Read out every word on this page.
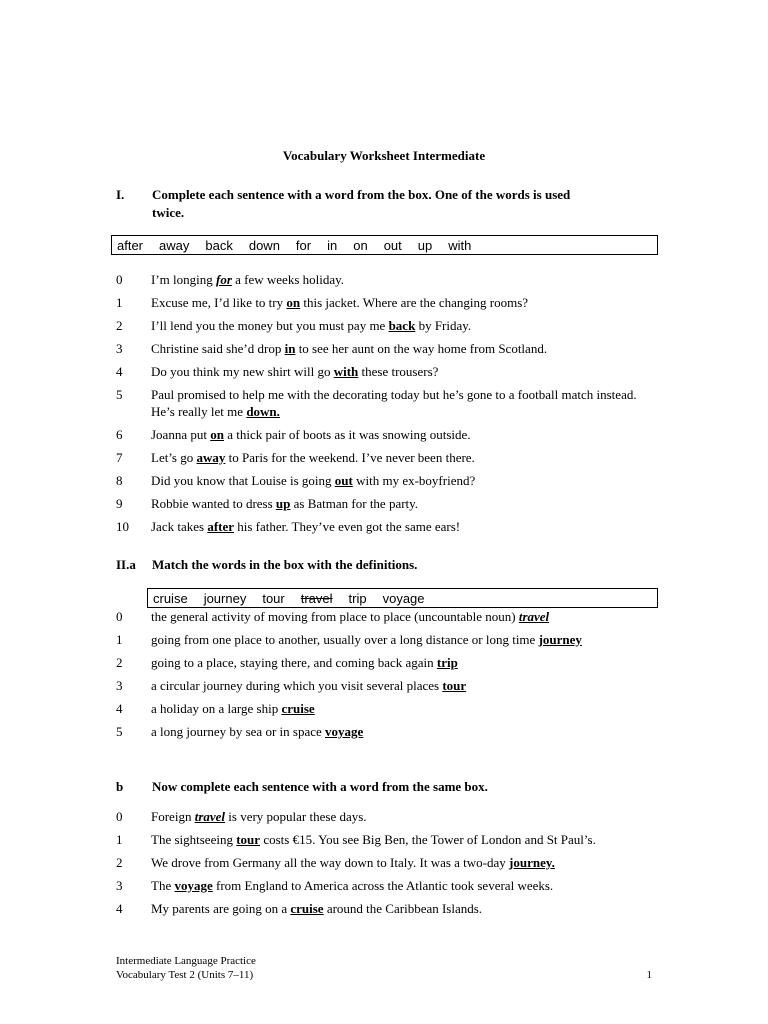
Vocabulary Worksheet Intermediate
I. Complete each sentence with a word from the box. One of the words is used
twice.
after away back down for in on out up with
0	I’m longing for a few weeks holiday.
1	Excuse me, I’d like to try on this jacket. Where are the changing rooms?
2	I’ll lend you the money but you must pay me back by Friday.
3	Christine said she’d drop in to see her aunt on the way home from Scotland.
4	Do you think my new shirt will go with these trousers?
5	Paul promised to help me with the decorating today but he’s gone to a football match instead. He’s really let me down.
6	Joanna put on a thick pair of boots as it was snowing outside.
7	Let’s go away to Paris for the weekend. I’ve never been there.
8	Did you know that Louise is going out with my ex-boyfriend?
9	Robbie wanted to dress up as Batman for the party.
10	Jack takes after his father. They’ve even got the same ears!
II.a Match the words in the box with the definitions.
cruise journey tour travel trip voyage
0	the general activity of moving from place to place (uncountable noun) travel
1	going from one place to another, usually over a long distance or long time journey
2	going to a place, staying there, and coming back again trip
3	a circular journey during which you visit several places tour
4	a holiday on a large ship cruise
5	a long journey by sea or in space voyage
b Now complete each sentence with a word from the same box.
0	Foreign travel is very popular these days.
1	The sightseeing tour costs €15. You see Big Ben, the Tower of London and St Paul’s.
2	We drove from Germany all the way down to Italy. It was a two-day journey.
3	The voyage from England to America across the Atlantic took several weeks.
4	My parents are going on a cruise around the Caribbean Islands.
Intermediate Language Practice
Vocabulary Test 2 (Units 7–11)	1
